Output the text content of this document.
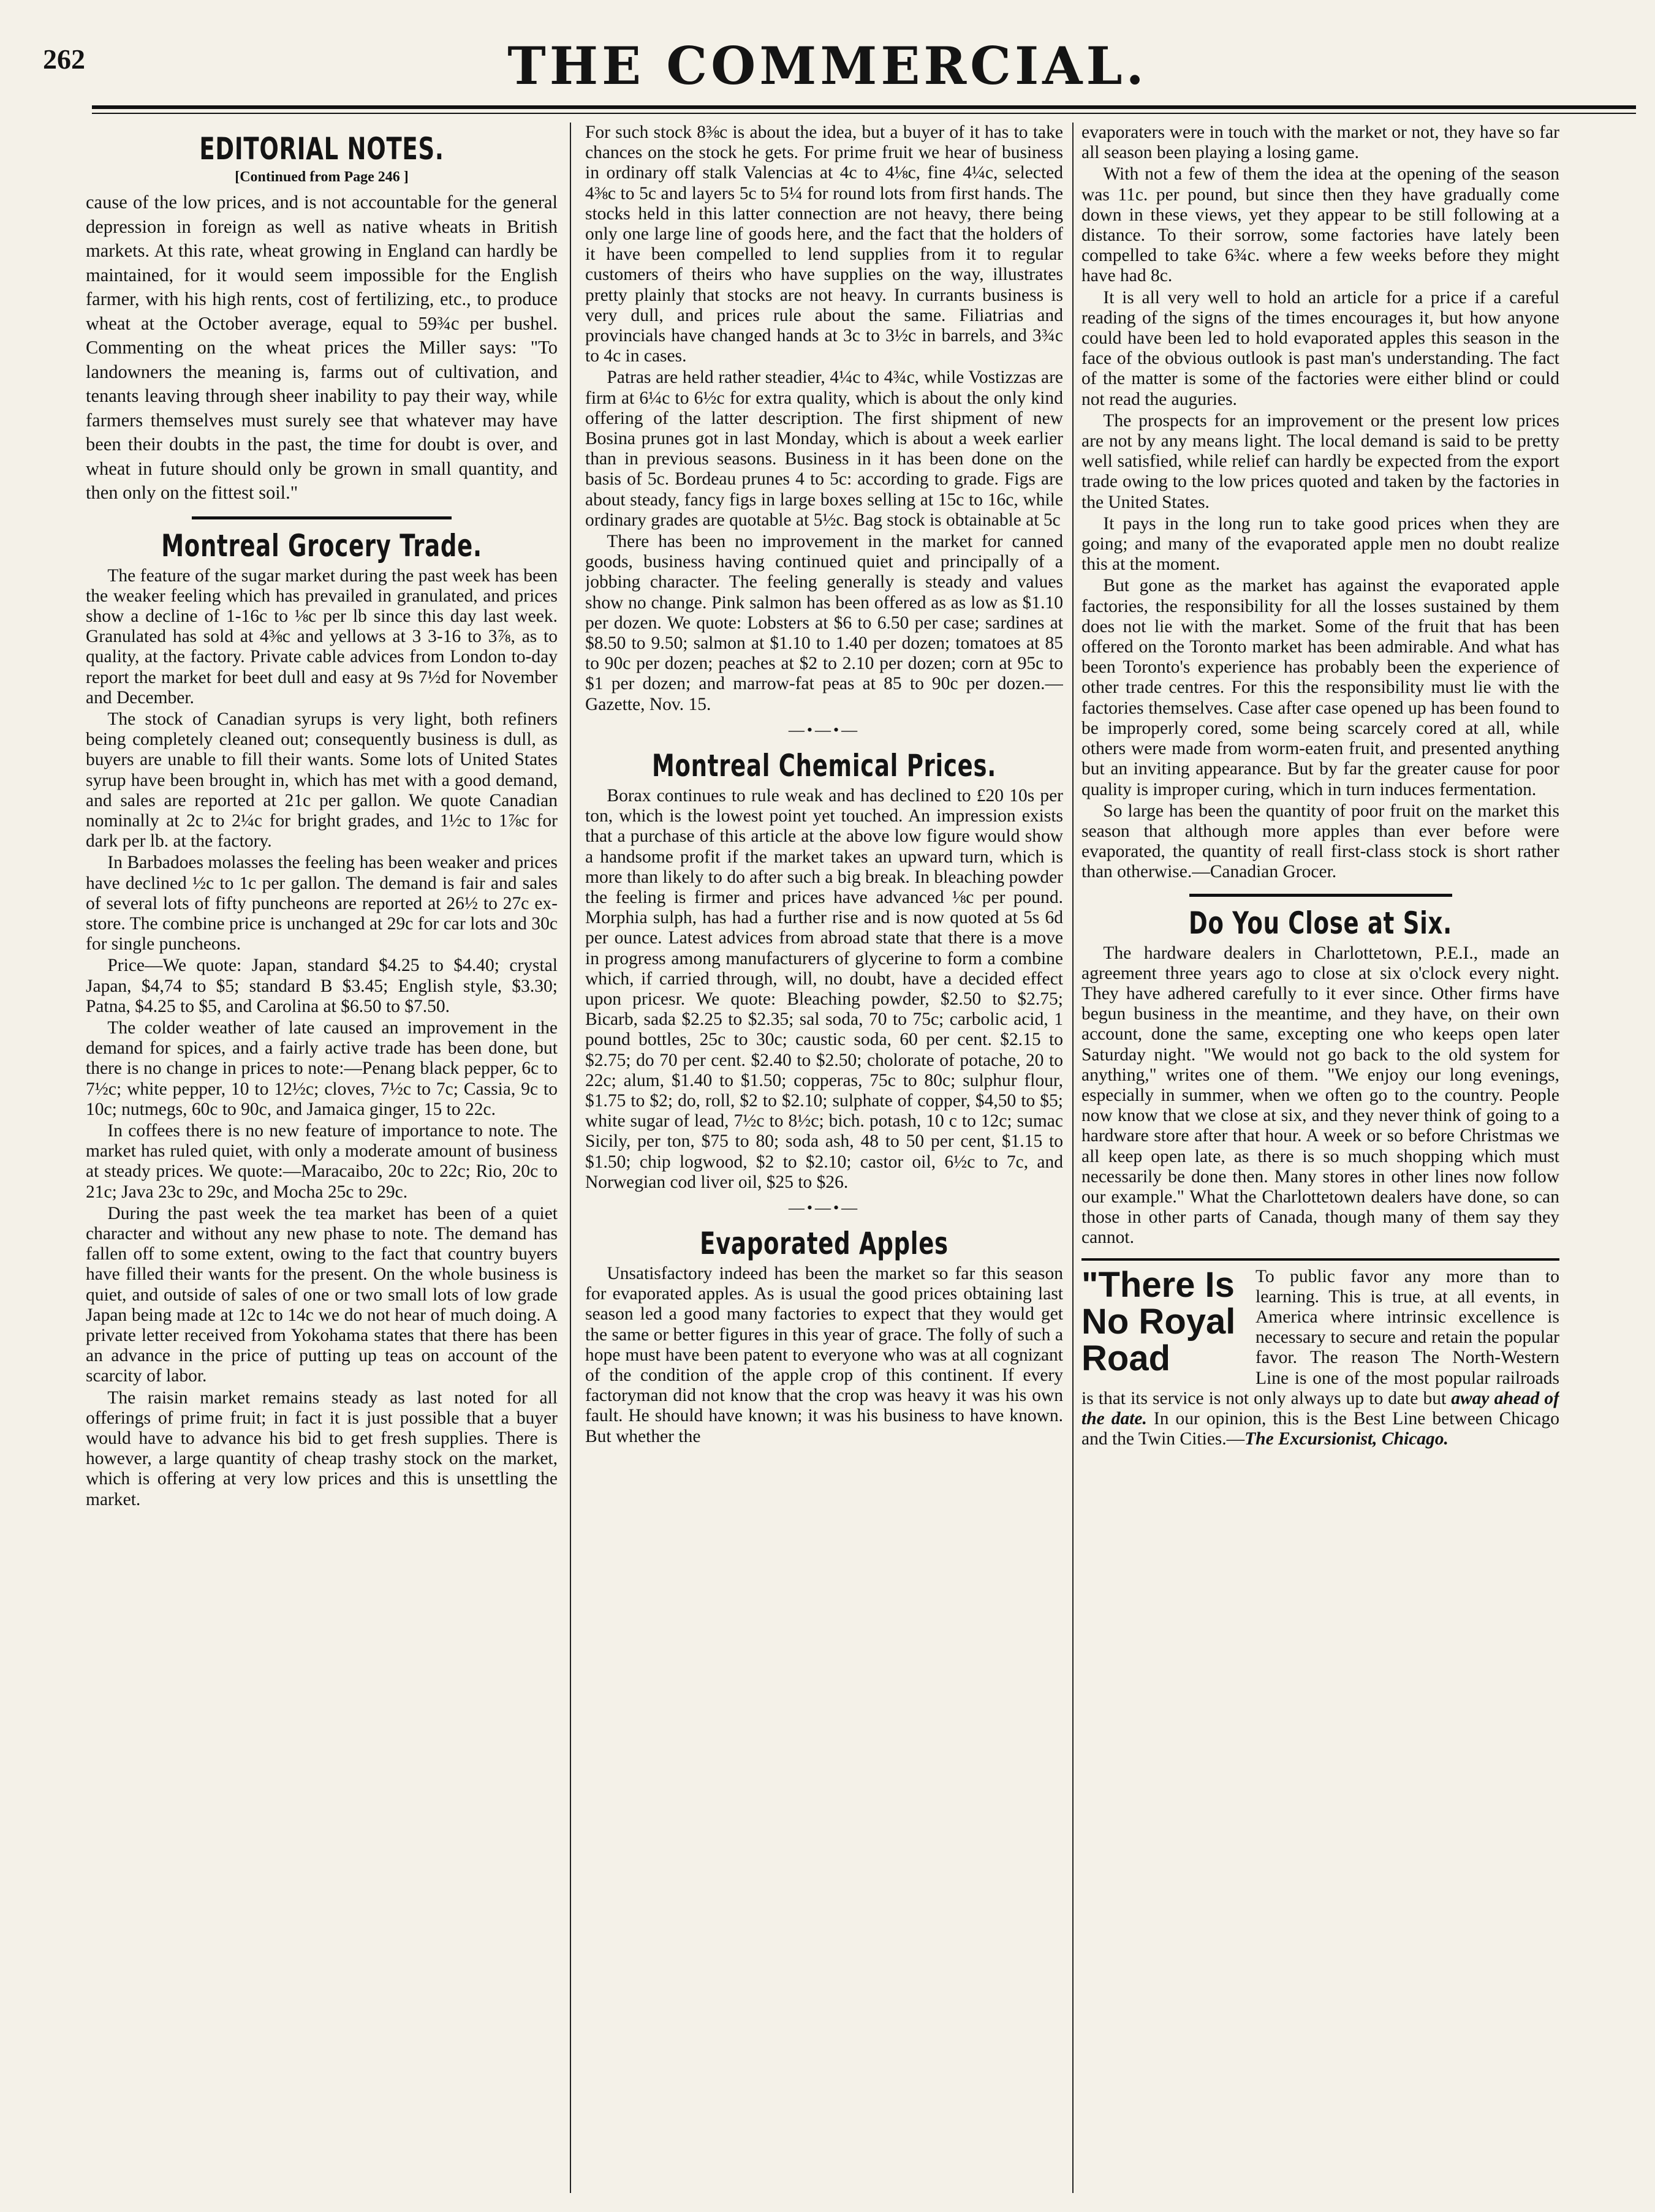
262	THE COMMERCIAL.
EDITORIAL NOTES.
[Continued from Page 246 ]

cause of the low prices, and is not accountable for the general depression in foreign as well as native wheats in British markets. At this rate, wheat growing in England can hardly be maintained, for it would seem impossible for the English farmer, with his high rents, cost of fertilizing, etc., to produce wheat at the October average, equal to 59¾c per bushel. Commenting on the wheat prices the Miller says: "To landowners the meaning is, farms out of cultivation, and tenants leaving through sheer inability to pay their way, while farmers themselves must surely see that whatever may have been their doubts in the past, the time for doubt is over, and wheat in future should only be grown in small quantity, and then only on the fittest soil."

Montreal Grocery Trade.

The feature of the sugar market during the past week has been the weaker feeling which has prevailed in granulated, and prices show a decline of 1-16c to ⅛c per lb since this day last week. Granulated has sold at 4⅜c and yellows at 3 3-16 to 3⅞, as to quality, at the factory. Private cable advices from London to-day report the market for beet dull and easy at 9s 7½d for November and December.

The stock of Canadian syrups is very light, both refiners being completely cleaned out; consequently business is dull, as buyers are unable to fill their wants. Some lots of United States syrup have been brought in, which has met with a good demand, and sales are reported at 21c per gallon. We quote Canadian nominally at 2c to 2¼c for bright grades, and 1½c to 1⅞c for dark per lb. at the factory.

In Barbadoes molasses the feeling has been weaker and prices have declined ½c to 1c per gallon. The demand is fair and sales of several lots of fifty puncheons are reported at 26½ to 27c ex-store. The combine price is unchanged at 29c for car lots and 30c for single puncheons.

Price—We quote: Japan, standard $4.25 to $4.40; crystal Japan, $4,74 to $5; standard B $3.45; English style, $3.30; Patna, $4.25 to $5, and Carolina at $6.50 to $7.50.

The colder weather of late caused an improvement in the demand for spices, and a fairly active trade has been done, but there is no change in prices to note:—Penang black pepper, 6c to 7½c; white pepper, 10 to 12½c; cloves, 7½c to 7c; Cassia, 9c to 10c; nutmegs, 60c to 90c, and Jamaica ginger, 15 to 22c.

In coffees there is no new feature of importance to note. The market has ruled quiet, with only a moderate amount of business at steady prices. We quote:—Maracaibo, 20c to 22c; Rio, 20c to 21c; Java 23c to 29c, and Mocha 25c to 29c.

During the past week the tea market has been of a quiet character and without any new phase to note. The demand has fallen off to some extent, owing to the fact that country buyers have filled their wants for the present. On the whole business is quiet, and outside of sales of one or two small lots of low grade Japan being made at 12c to 14c we do not hear of much doing. A private letter received from Yokohama states that there has been an advance in the price of putting up teas on account of the scarcity of labor.

The raisin market remains steady as last noted for all offerings of prime fruit; in fact it is just possible that a buyer would have to advance his bid to get fresh supplies. There is however, a large quantity of cheap trashy stock on the market, which is offering at very low prices and this is unsettling the market.

For such stock 8⅜c is about the idea, but a buyer of it has to take chances on the stock he gets. For prime fruit we hear of business in ordinary off stalk Valencias at 4c to 4⅛c, fine 4¼c, selected 4⅜c to 5c and layers 5c to 5¼ for round lots from first hands. The stocks held in this latter connection are not heavy, there being only one large line of goods here, and the fact that the holders of it have been compelled to lend supplies from it to regular customers of theirs who have supplies on the way, illustrates pretty plainly that stocks are not heavy. In currants business is very dull, and prices rule about the same. Filiatrias and provincials have changed hands at 3c to 3½c in barrels, and 3¾c to 4c in cases.

Patras are held rather steadier, 4¼c to 4¾c, while Vostizzas are firm at 6¼c to 6½c for extra quality, which is about the only kind offering of the latter description. The first shipment of new Bosina prunes got in last Monday, which is about a week earlier than in previous seasons. Business in it has been done on the basis of 5c. Bordeau prunes 4 to 5c: according to grade. Figs are about steady, fancy figs in large boxes selling at 15c to 16c, while ordinary grades are quotable at 5½c. Bag stock is obtainable at 5c

There has been no improvement in the market for canned goods, business having continued quiet and principally of a jobbing character. The feeling generally is steady and values show no change. Pink salmon has been offered as as low as $1.10 per dozen. We quote: Lobsters at $6 to 6.50 per case; sardines at $8.50 to 9.50; salmon at $1.10 to 1.40 per dozen; tomatoes at 85 to 90c per dozen; peaches at $2 to 2.10 per dozen; corn at 95c to $1 per dozen; and marrow-fat peas at 85 to 90c per dozen.—Gazette, Nov. 15.

—•—•—
Montreal Chemical Prices.

Borax continues to rule weak and has declined to £20 10s per ton, which is the lowest point yet touched. An impression exists that a purchase of this article at the above low figure would show a handsome profit if the market takes an upward turn, which is more than likely to do after such a big break. In bleaching powder the feeling is firmer and prices have advanced ⅛c per pound. Morphia sulph, has had a further rise and is now quoted at 5s 6d per ounce. Latest advices from abroad state that there is a move in progress among manufacturers of glycerine to form a combine which, if carried through, will, no doubt, have a decided effect upon pricesr. We quote: Bleaching powder, $2.50 to $2.75; Bicarb, sada $2.25 to $2.35; sal soda, 70 to 75c; carbolic acid, 1 pound bottles, 25c to 30c; caustic soda, 60 per cent. $2.15 to $2.75; do 70 per cent. $2.40 to $2.50; cholorate of potache, 20 to 22c; alum, $1.40 to $1.50; copperas, 75c to 80c; sulphur flour, $1.75 to $2; do, roll, $2 to $2.10; sulphate of copper, $4,50 to $5; white sugar of lead, 7½c to 8½c; bich. potash, 10 c to 12c; sumac Sicily, per ton, $75 to 80; soda ash, 48 to 50 per cent, $1.15 to $1.50; chip logwood, $2 to $2.10; castor oil, 6½c to 7c, and Norwegian cod liver oil, $25 to $26.

—•—•—
Evaporated Apples

Unsatisfactory indeed has been the market so far this season for evaporated apples. As is usual the good prices obtaining last season led a good many factories to expect that they would get the same or better figures in this year of grace. The folly of such a hope must have been patent to everyone who was at all cognizant of the condition of the apple crop of this continent. If every factoryman did not know that the crop was heavy it was his own fault. He should have known; it was his business to have known. But whether the

evaporaters were in touch with the market or not, they have so far all season been playing a losing game.

With not a few of them the idea at the opening of the season was 11c. per pound, but since then they have gradually come down in these views, yet they appear to be still following at a distance. To their sorrow, some factories have lately been compelled to take 6¾c. where a few weeks before they might have had 8c.

It is all very well to hold an article for a price if a careful reading of the signs of the times encourages it, but how anyone could have been led to hold evaporated apples this season in the face of the obvious outlook is past man's understanding. The fact of the matter is some of the factories were either blind or could not read the auguries.

The prospects for an improvement or the present low prices are not by any means light. The local demand is said to be pretty well satisfied, while relief can hardly be expected from the export trade owing to the low prices quoted and taken by the factories in the United States.

It pays in the long run to take good prices when they are going; and many of the evaporated apple men no doubt realize this at the moment.

But gone as the market has against the evaporated apple factories, the responsibility for all the losses sustained by them does not lie with the market. Some of the fruit that has been offered on the Toronto market has been admirable. And what has been Toronto's experience has probably been the experience of other trade centres. For this the responsibility must lie with the factories themselves. Case after case opened up has been found to be improperly cored, some being scarcely cored at all, while others were made from worm-eaten fruit, and presented anything but an inviting appearance. But by far the greater cause for poor quality is improper curing, which in turn induces fermentation.

So large has been the quantity of poor fruit on the market this season that although more apples than ever before were evaporated, the quantity of reall first-class stock is short rather than otherwise.—Canadian Grocer.

Do You Close at Six.

The hardware dealers in Charlottetown, P.E.I., made an agreement three years ago to close at six o'clock every night. They have adhered carefully to it ever since. Other firms have begun business in the meantime, and they have, on their own account, done the same, excepting one who keeps open later Saturday night. "We would not go back to the old system for anything," writes one of them. "We enjoy our long evenings, especially in summer, when we often go to the country. People now know that we close at six, and they never think of going to a hardware store after that hour. A week or so before Christmas we all keep open late, as there is so much shopping which must necessarily be done then. Many stores in other lines now follow our example." What the Charlottetown dealers have done, so can those in other parts of Canada, though many of them say they cannot.

"There Is No Royal Road

To public favor any more than to learning. This is true, at all events, in America where intrinsic excellence is necessary to secure and retain the popular favor. The reason The North-Western Line is one of the most popular railroads is that its service is not only always up to date but away ahead of the date. In our opinion, this is the Best Line between Chicago and the Twin Cities.—The Excursionist, Chicago.
